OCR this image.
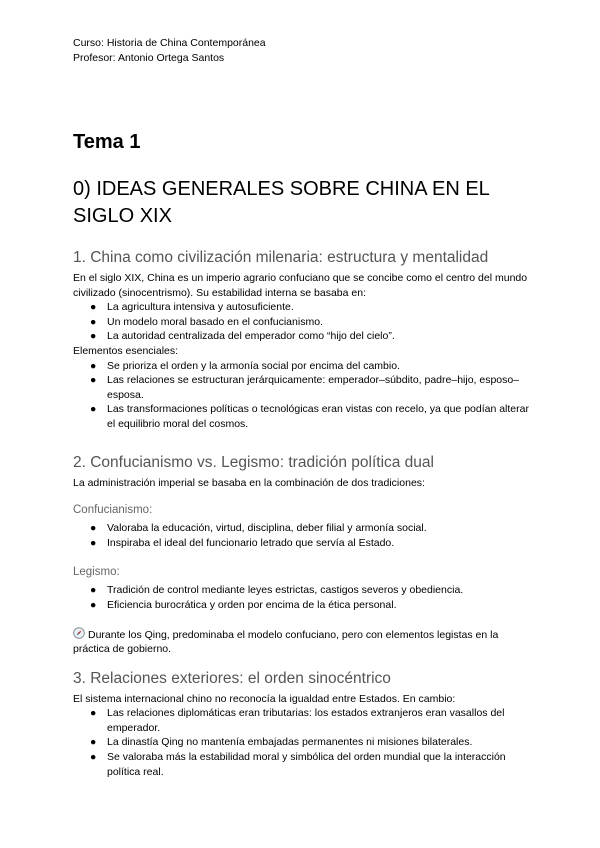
Curso: Historia de China Contemporánea

Profesor: Antonio Ortega Santos

Tema 1
0) IDEAS GENERALES SOBRE CHINA EN EL SIGLO XIX
1. China como civilización milenaria: estructura y mentalidad

En el siglo XIX, China es un imperio agrario confuciano que se concibe como el centro del mundo civilizado (sinocentrismo). Su estabilidad interna se basaba en:

● La agricultura intensiva y autosuficiente.
● Un modelo moral basado en el confucianismo.
● La autoridad centralizada del emperador como “hijo del cielo”.

Elementos esenciales:

● Se prioriza el orden y la armonía social por encima del cambio.
● Las relaciones se estructuran jerárquicamente: emperador–súbdito, padre–hijo, esposo–esposa.
● Las transformaciones políticas o tecnológicas eran vistas con recelo, ya que podían alterar el equilibrio moral del cosmos.
2. Confucianismo vs. Legismo: tradición política dual

La administración imperial se basaba en la combinación de dos tradiciones:

Confucianismo:
● Valoraba la educación, virtud, disciplina, deber filial y armonía social.
● Inspiraba el ideal del funcionario letrado que servía al Estado.
Legismo:
● Tradición de control mediante leyes estrictas, castigos severos y obediencia.
● Eficiencia burocrática y orden por encima de la ética personal.

Durante los Qing, predominaba el modelo confuciano, pero con elementos legistas en la práctica de gobierno.

3. Relaciones exteriores: el orden sinocéntrico

El sistema internacional chino no reconocía la igualdad entre Estados. En cambio:

● Las relaciones diplomáticas eran tributarias: los estados extranjeros eran vasallos del emperador.
● La dinastía Qing no mantenía embajadas permanentes ni misiones bilaterales.
● Se valoraba más la estabilidad moral y simbólica del orden mundial que la interacción política real.
